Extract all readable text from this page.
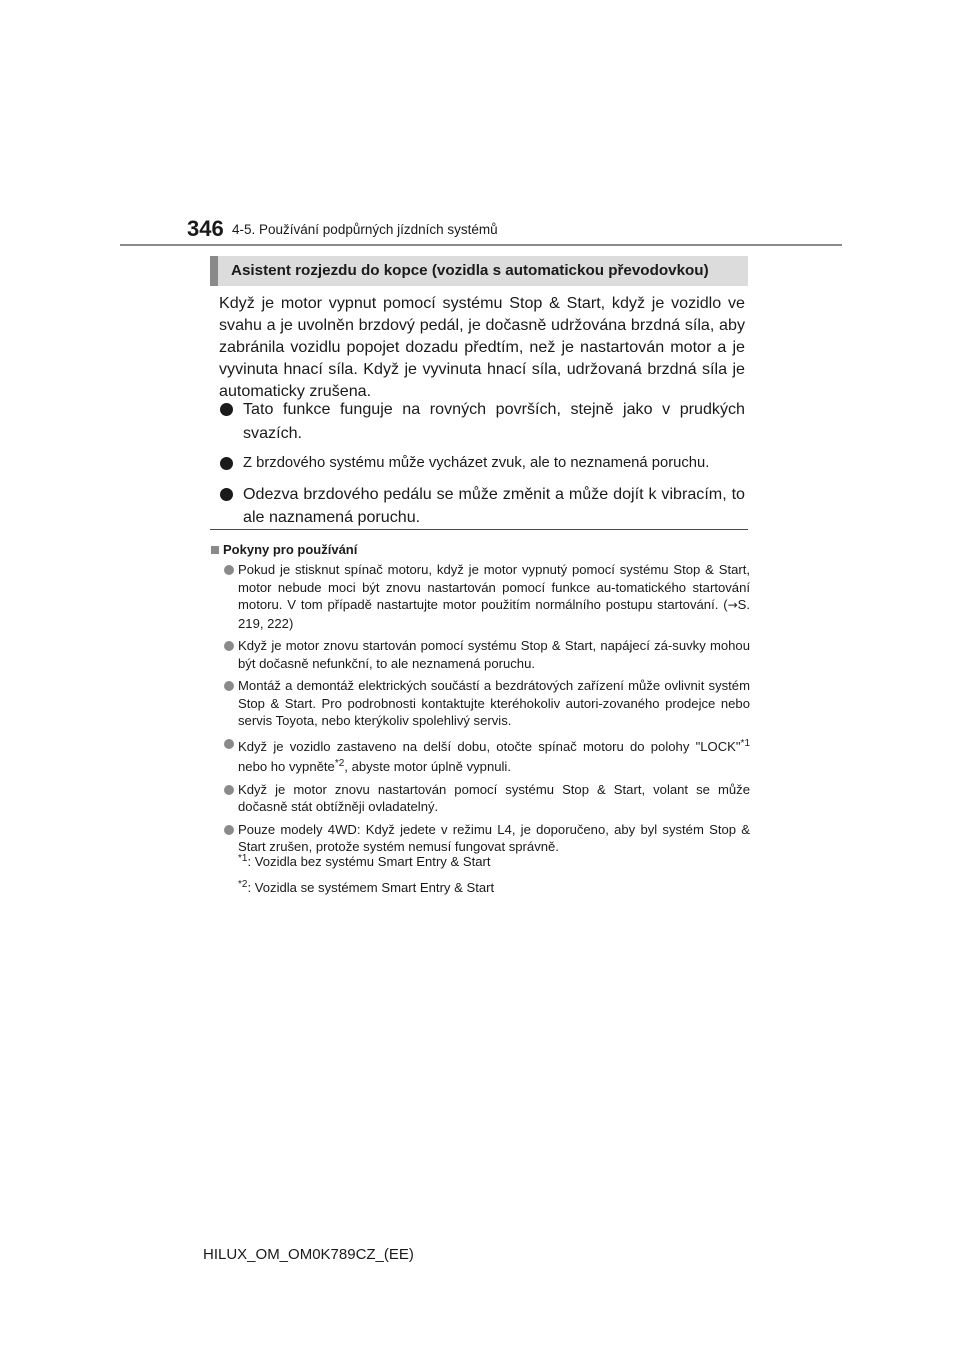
346 4-5. Používání podpůrných jízdních systémů
Asistent rozjezdu do kopce (vozidla s automatickou převodovkou)
Když je motor vypnut pomocí systému Stop & Start, když je vozidlo ve svahu a je uvolněn brzdový pedál, je dočasně udržována brzdná síla, aby zabránila vozidlu popojet dozadu předtím, než je nastartován motor a je vyvinuta hnací síla. Když je vyvinuta hnací síla, udržovaná brzdná síla je automaticky zrušena.
Tato funkce funguje na rovných površích, stejně jako v prudkých svazích.
Z brzdového systému může vycházet zvuk, ale to neznamená poruchu.
Odezva brzdového pedálu se může změnit a může dojít k vibracím, to ale naznamená poruchu.
Pokyny pro používání
Pokud je stisknut spínač motoru, když je motor vypnutý pomocí systému Stop & Start, motor nebude moci být znovu nastartován pomocí funkce au-tomatického startování motoru. V tom případě nastartujte motor použitím normálního postupu startování. (→S. 219, 222)
Když je motor znovu startován pomocí systému Stop & Start, napájecí zá-suvky mohou být dočasně nefunkční, to ale neznamená poruchu.
Montáž a demontáž elektrických součástí a bezdrátových zařízení může ovlivnit systém Stop & Start. Pro podrobnosti kontaktujte kteréhokoliv autori-zovaného prodejce nebo servis Toyota, nebo kterýkoliv spolehlivý servis.
Když je vozidlo zastaveno na delší dobu, otočte spínač motoru do polohy "LOCK"$^{*1}$ nebo ho vypněte$^{*2}$, abyste motor úplně vypnuli.
Když je motor znovu nastartován pomocí systému Stop & Start, volant se může dočasně stát obtížněji ovladatelný.
Pouze modely 4WD: Když jedete v režimu L4, je doporučeno, aby byl systém Stop & Start zrušen, protože systém nemusí fungovat správně.
$^{*1}$: Vozidla bez systému Smart Entry & Start
$^{*2}$: Vozidla se systémem Smart Entry & Start
HILUX_OM_OM0K789CZ_(EE)
